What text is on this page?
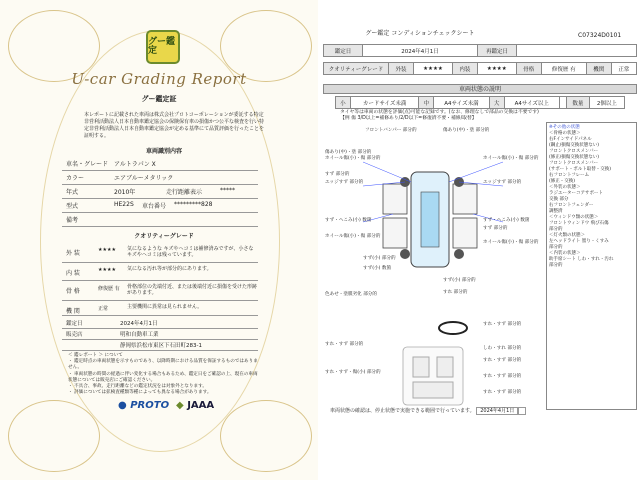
グー鑑定
U-car Grading Report
グー鑑定証
本レポートに記載された車両は株式会社プロトコーポレーションが委託する特定非営利活動法人日本自動車鑑定協会の保険保有車の損傷かつ公平な検査を行い特定非営利活動法人日本自動車鑑定協会が定める基準にて品質評価を行ったことを証明する。
車両識別内容
車名・グレード アルトラパン X
カラー	エアブルーメタリック
年式	2010年	走行距離表示	*****
型式	HE22S 車台番号 *********828
備考
クオリティーグレード
外 装	★★★★ 気になるような キズやヘコミは補修済みですが、小さなキズやヘコミは残っています。
内 装	★★★★ 気になる汚れ等が部分的にあります。
骨 格	修復歴 有 骨格部位の先端付近、または後端付近に損傷を受けた形跡があります。
機 関	正常	主要機関に異常は見られません。
鑑定日	2024年4月1日
販売店	明和自動車工業
静岡県浜松市東区下石田町283-1
＜ 鑑レポート ＞ について
・ 鑑定時点の車両状態を示すものであり、以降時期における品質を保証するものではありません。
・ 車両状態の時間の経過に伴い変化する場合もあるため、鑑定日をご確認の上、現在の車両状態については販売店にご確認ください。
・ 不具合、事故、走行距離などの鑑定状況をは対象外となります。
・ 評価については拡検査種類等種によっても異なる場合があります。
● PROTO ◆ JAAA
グー鑑定 コンディションチェックシート	C07324D0101
鑑定日	2024年4月1日	再鑑定日	
クオリティーグレード	外装	★★★★	内装	★★★★	骨格	修復歴 有	機関	正常
車両状態の説明
小	カードサイズ未満	中	A4サイズ未満	大	A4サイズ以上		数量	2個以上
タイヤ等は車両の状態を評価(点)可能な記録です。(なお、修理なしで部品の交換は不要です)
【例 傷 3/D以上=補修あり/2/D以下=修復済不要・補修/取替】
フロントバンパー 部分的
傷あり(中)・塗 部分的
ホイール傷(小)・傷 部分的
すず 部分的
エッジすず 部分的
すず・ヘこみ(小) 数箇
ホイール傷(小)・傷 部分的
すず(小) 部分的
すず(小) 数箇
色あせ・塗膜劣化 部分的
すれ・すず 部分的
すれ・すず・傷(小) 部分的
傷あり(中)・塗 部分的
ホイール傷(小)・傷 部分的
エッジすず 部分的
すず・ヘこみ(小) 数箇
すず 部分的
ホイール傷(小)・傷 部分的
すず(小) 部分的
すれ 部分的
すれ・すず 部分的
しわ・すれ 部分的
すれ・すず 部分的
すれ・すず 部分的
すれ・すず 部分的
※その他の状態
＜骨格の状態＞
右Fインサイドパネル
(鋼止/損傷交換状態ない)
フロントクロスメンバー
(修正/損傷交換状態ない)
フロントクロスメンバー
(サポート・ボルト取替・交換)
右フロントフレーム
(修正・交換)
＜外装の状態＞
ラジエーターコアサポート
交換 部分
右フロントフェンダー
調整済
＜ウィンドウ類の状態＞
フロントウィンドウ 飛び石傷
部分的
＜灯火類の状態＞
左ヘッドライト 曇り・くすみ
部分的
＜内装の状態＞
助手席シート しわ・すれ・汚れ
部分的
車両状態の確認は、停止状態で実施できる範囲で行っています。 2024年4月1日
